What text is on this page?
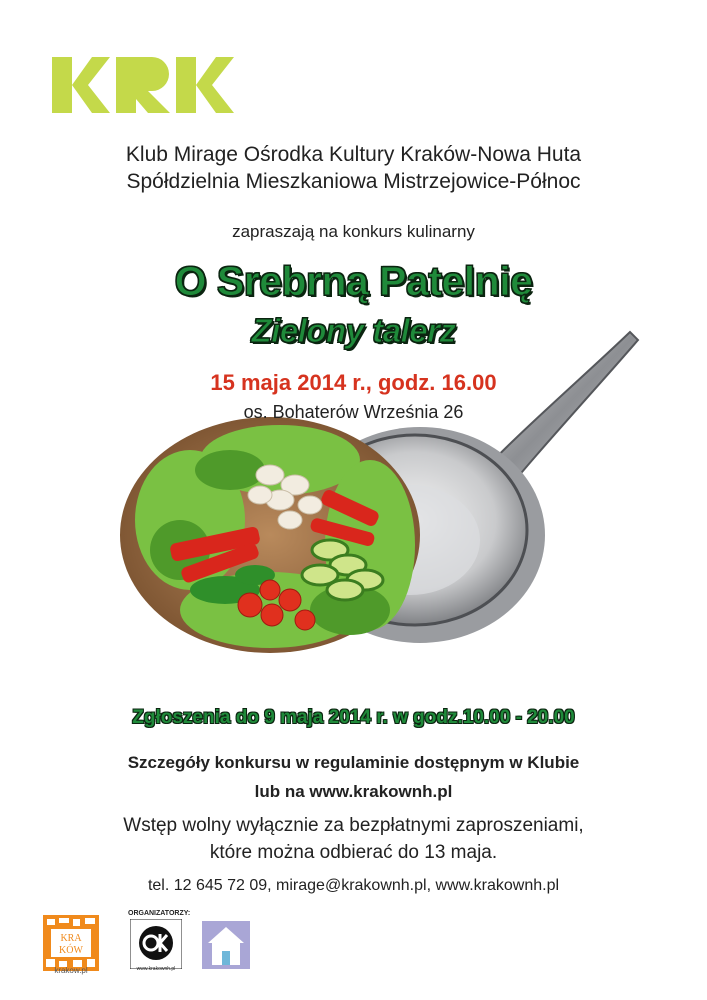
Klub Mirage Ośrodka Kultury Kraków-Nowa Huta
Spółdzielnia Mieszkaniowa Mistrzejowice-Północ
zapraszają na konkurs kulinarny
O Srebrną Patelnię
Zielony talerz
15 maja 2014 r., godz. 16.00
os. Bohaterów Września 26
Zgłoszenia do 9 maja 2014 r. w godz.10.00 - 20.00
Szczegóły konkursu w regulaminie dostępnym w Klubie
lub na www.krakownh.pl
Wstęp wolny wyłącznie za bezpłatnymi zaproszeniami,
które można odbierać do 13 maja.
tel. 12 645 72 09, mirage@krakownh.pl, www.krakownh.pl
KRA
KÓW
krakow.pl
ORGANIZATORZY:
www.krakownh.pl
